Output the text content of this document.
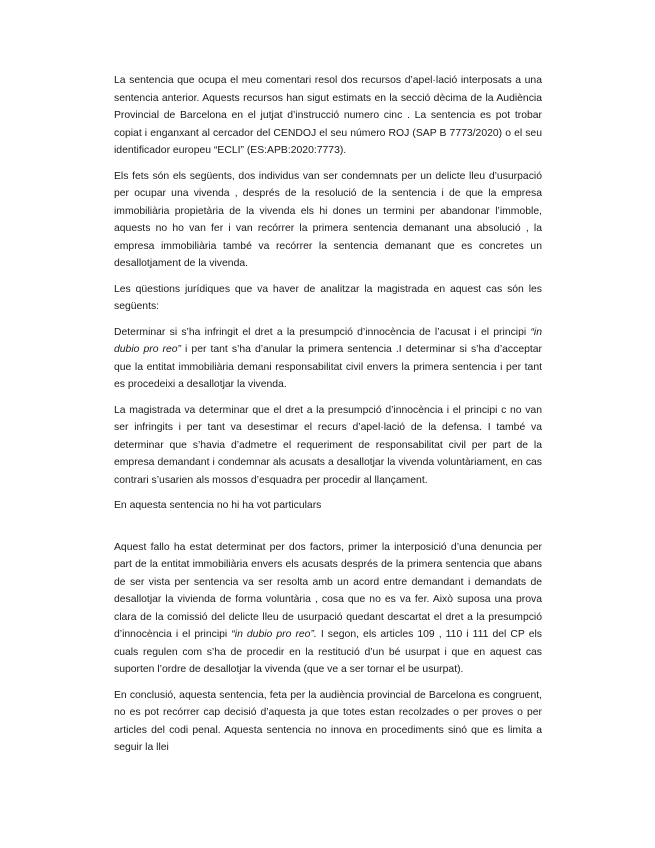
La sentencia que ocupa el meu comentari resol dos recursos d’apel·lació interposats a una sentencia anterior. Aquests recursos han sigut estimats en la secció dècima de la Audiència Provincial de Barcelona en el jutjat d’instrucció numero cinc . La sentencia es pot trobar copiat i enganxant al cercador del CENDOJ el seu número ROJ (SAP B 7773/2020) o el seu identificador europeu “ECLI” (ES:APB:2020:7773).

Els fets són els següents, dos individus van ser condemnats per un delicte lleu d’usurpació per ocupar una vivenda , després de la resolució de la sentencia i de que la empresa immobiliària propietària de la vivenda els hi dones un termini per abandonar l’immoble, aquests no ho van fer i van recórrer la primera sentencia demanant una absolució , la empresa immobiliària també va recórrer la sentencia demanant que es concretes un desallotjament de la vivenda.

Les qüestions jurídiques que va haver de analitzar la magistrada en aquest cas són les següents:

Determinar si s’ha infringit el dret a la presumpció d’innocència de l’acusat i el principi “in dubio pro reo” i per tant s’ha d’anular la primera sentencia .I determinar si s’ha d’acceptar que la entitat immobiliària demani responsabilitat civil envers la primera sentencia i per tant es procedeixi a desallotjar la vivenda.

La magistrada va determinar que el dret a la presumpció d’innocència i el principi c no van ser infringits i per tant va desestimar el recurs d’apel·lació de la defensa. I també va determinar que s’havia d’admetre el requeriment de responsabilitat civil per part de la empresa demandant i condemnar als acusats a desallotjar la vivenda voluntàriament, en cas contrari s’usarien als mossos d’esquadra per procedir al llançament.

En aquesta sentencia no hi ha vot particulars

Aquest fallo ha estat determinat per dos factors, primer la interposició d’una denuncia per part de la entitat immobiliària envers els acusats després de la primera sentencia que abans de ser vista per sentencia va ser resolta amb un acord entre demandant i demandats de desallotjar la vivienda de forma voluntària , cosa que no es va fer. Això suposa una prova clara de la comissió del delicte lleu de usurpació quedant descartat el dret a la presumpció d’innocència i el principi “in dubio pro reo”. I segon, els articles 109 , 110 i 111 del CP els cuals regulen com s’ha de procedir en la restitució d’un bé usurpat i que en aquest cas suporten l’ordre de desallotjar la vivenda (que ve a ser tornar el be usurpat).

En conclusió, aquesta sentencia, feta per la audiència provincial de Barcelona es congruent, no es pot recórrer cap decisió d’aquesta ja que totes estan recolzades o per proves o per articles del codi penal. Aquesta sentencia no innova en procediments sinó que es limita a seguir la llei
